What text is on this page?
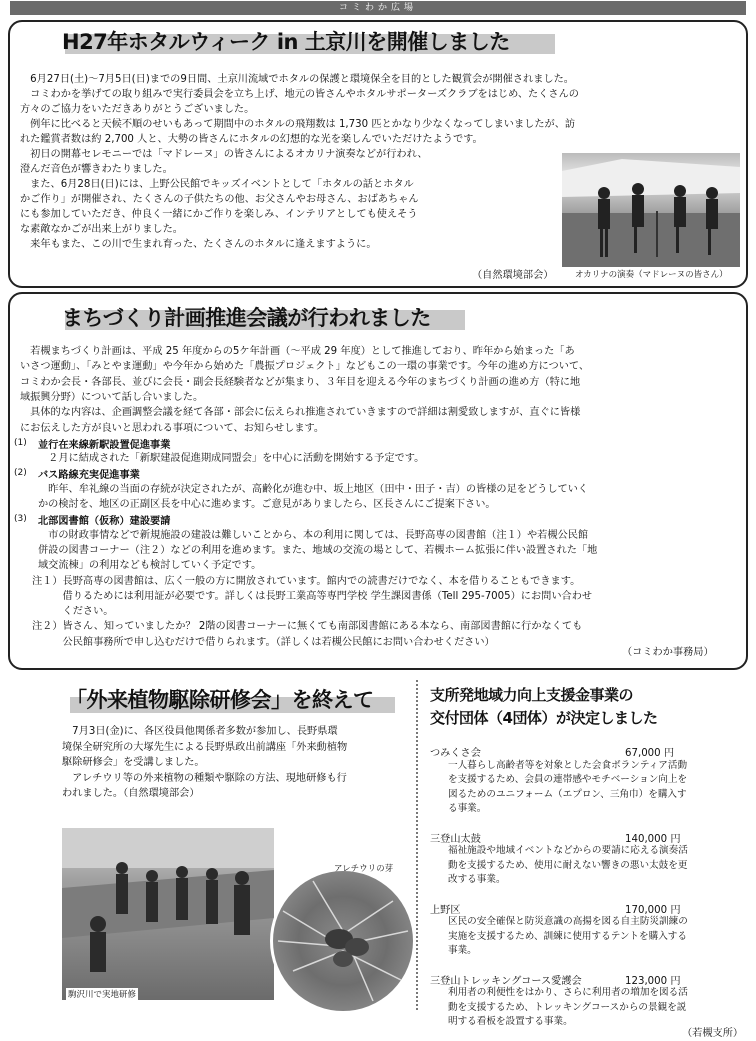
コミわか広場
H27年ホタルウィーク in 土京川を開催しました
　6月27日(土)～7月5日(日)までの9日間、土京川流域でホタルの保護と環境保全を目的とした観賞会が開催されました。
　コミわかを挙げての取り組みで実行委員会を立ち上げ、地元の皆さんやホタルサポーターズクラブをはじめ、たくさんの
方々のご協力をいただきありがとうございました。
　例年に比べると天候不順のせいもあって期間中のホタルの飛翔数は 1,730 匹とかなり少なくなってしまいましたが、訪
れた鑑賞者数は約 2,700 人と、大勢の皆さんにホタルの幻想的な光を楽しんでいただけたようです。
　初日の開幕セレモニーでは「マドレーヌ」の皆さんによるオカリナ演奏などが行われ、
澄んだ音色が響きわたりました。
　また、6月28日(日)には、上野公民館でキッズイベントとして「ホタルの話とホタル
かご作り」が開催され、たくさんの子供たちの他、お父さんやお母さん、おばあちゃん
にも参加していただき、仲良く一緒にかご作りを楽しみ、インテリアとしても使えそう
な素敵なかごが出来上がりました。
　来年もまた、この川で生まれ育った、たくさんのホタルに逢えますように。
オカリナの演奏（マドレーヌの皆さん）
（自然環境部会）
まちづくり計画推進会議が行われました
　若槻まちづくり計画は、平成 25 年度からの5ケ年計画（～平成 29 年度）として推進しており、昨年から始まった「あ
いさつ運動」、「みとやま運動」や今年から始めた「農振プロジェクト」などもこの一環の事業です。今年の進め方について、
コミわか会長・各部長、並びに会長・副会長経験者などが集まり、３年目を迎える今年のまちづくり計画の進め方（特に地
域振興分野）について話し合いました。
　具体的な内容は、企画調整会議を経て各部・部会に伝えられ推進されていきますので詳細は割愛致しますが、直ぐに皆様
にお伝えした方が良いと思われる事項について、お知らせします。
(1) 並行在来線新駅設置促進事業
　２月に結成された「新駅建設促進期成同盟会」を中心に活動を開始する予定です。
(2) バス路線充実促進事業
　昨年、牟礼線の当面の存続が決定されたが、高齢化が進む中、坂上地区（田中・田子・吉）の皆様の足をどうしていく
かの検討を、地区の正副区長を中心に進めます。ご意見がありましたら、区長さんにご提案下さい。
(3) 北部図書館（仮称）建設要請
　市の財政事情などで新規施設の建設は難しいことから、本の利用に関しては、長野高専の図書館（注１）や若槻公民館
併設の図書コーナー（注２）などの利用を進めます。また、地域の交流の場として、若槻ホーム拡張に伴い設置された「地
域交流棟」の利用なども検討していく予定です。
注１）長野高専の図書館は、広く一般の方に開放されています。館内での読書だけでなく、本を借りることもできます。
　　　借りるためには利用証が必要です。詳しくは長野工業高等専門学校 学生課図書係（Tell 295-7005）にお問い合わせ
　　　ください。
注２）皆さん、知っていましたか？ 2階の図書コーナーに無くても南部図書館にある本なら、南部図書館に行かなくても
　　　公民館事務所で申し込むだけで借りられます。（詳しくは若槻公民館にお問い合わせください）
（コミわか事務局）
「外来植物駆除研修会」を終えて
　7月3日(金)に、各区役員他関係者多数が参加し、長野県環
境保全研究所の大塚先生による長野県政出前講座「外来動植物
駆除研修会」を受講しました。
　アレチウリ等の外来植物の種類や駆除の方法、現地研修も行
われました。（自然環境部会）
駒沢川で実地研修
アレチウリの芽
支所発地域力向上支援金事業の
交付団体（4団体）が決定しました
つみくさ会	67,000 円
一人暮らし高齢者等を対象とした会食ボランティア活動
を支援するため、会員の連帯感やモチベーション向上を
図るためのユニフォーム（エプロン、三角巾）を購入す
る事業。
三登山太鼓	140,000 円
福祉施設や地域イベントなどからの要請に応える演奏活
動を支援するため、使用に耐えない響きの悪い太鼓を更
改する事業。
上野区	170,000 円
区民の安全確保と防災意識の高揚を図る自主防災訓練の
実施を支援するため、訓練に使用するテントを購入する
事業。
三登山トレッキングコース愛護会	123,000 円
利用者の利便性をはかり、さらに利用者の増加を図る活
動を支援するため、トレッキングコースからの景観を説
明する看板を設置する事業。
（若槻支所）
